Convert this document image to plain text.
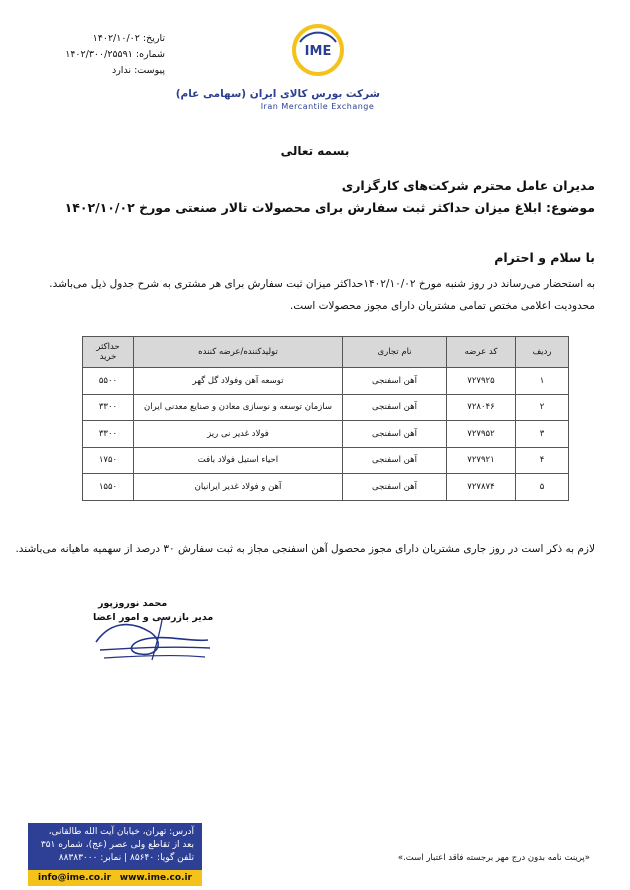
تاریخ: ۱۴۰۲/۱۰/۰۲
شماره: ۱۴۰۲/۳۰۰/۲۵۵۹۱
پیوست: ندارد
IME
شرکت بورس کالای ایران (سهامی عام)
Iran Mercantile Exchange
بسمه تعالی
مدیران عامل محترم شرکت‌های کارگزاری
موضوع: ابلاغ میزان حداکثر ثبت سفارش برای محصولات تالار صنعتی مورخ ۱۴۰۲/۱۰/۰۲
با سلام و احترام
به استحضار می‌رساند در روز شنبه مورخ ۱۴۰۲/۱۰/۰۲حداکثر میزان ثبت سفارش برای هر مشتری به شرح جدول ذیل می‌باشد. محدودیت اعلامی مختص تمامی مشتریان دارای مجوز محصولات است.
ردیف	کد عرضه	نام تجاری	تولیدکننده/عرضه کننده	حداکثر خرید
۱	۷۲۷۹۲۵	آهن اسفنجی	توسعه آهن وفولاد گل گهر	۵۵۰۰
۲	۷۲۸۰۴۶	آهن اسفنجی	سازمان توسعه و نوسازی معادن و صنایع معدنی ایران	۳۳۰۰
۳	۷۲۷۹۵۲	آهن اسفنجی	فولاد غدیر نی ریز	۳۳۰۰
۴	۷۲۷۹۲۱	آهن اسفنجی	احیاء استیل فولاد بافت	۱۷۵۰
۵	۷۲۷۸۷۴	آهن اسفنجی	آهن و فولاد غدیر ایرانیان	۱۵۵۰
لازم به ذکر است در روز جاری مشتریان دارای مجوز محصول آهن اسفنجی مجاز به ثبت سفارش ۳۰ درصد از سهمیه ماهیانه می‌باشند.
محمد نوروزپور
مدیر بازرسی و امور اعضا
آدرس: تهران، خیابان آیت الله طالقانی،
بعد از تقاطع ولی عصر (عج)، شماره ۳۵۱
تلفن گویا: ۸۵۶۴۰ | نمابر: ۸۸۳۸۳۰۰۰
info@ime.co.ir www.ime.co.ir
«پرینت نامه بدون درج مهر برجسته فاقد اعتبار است.»
